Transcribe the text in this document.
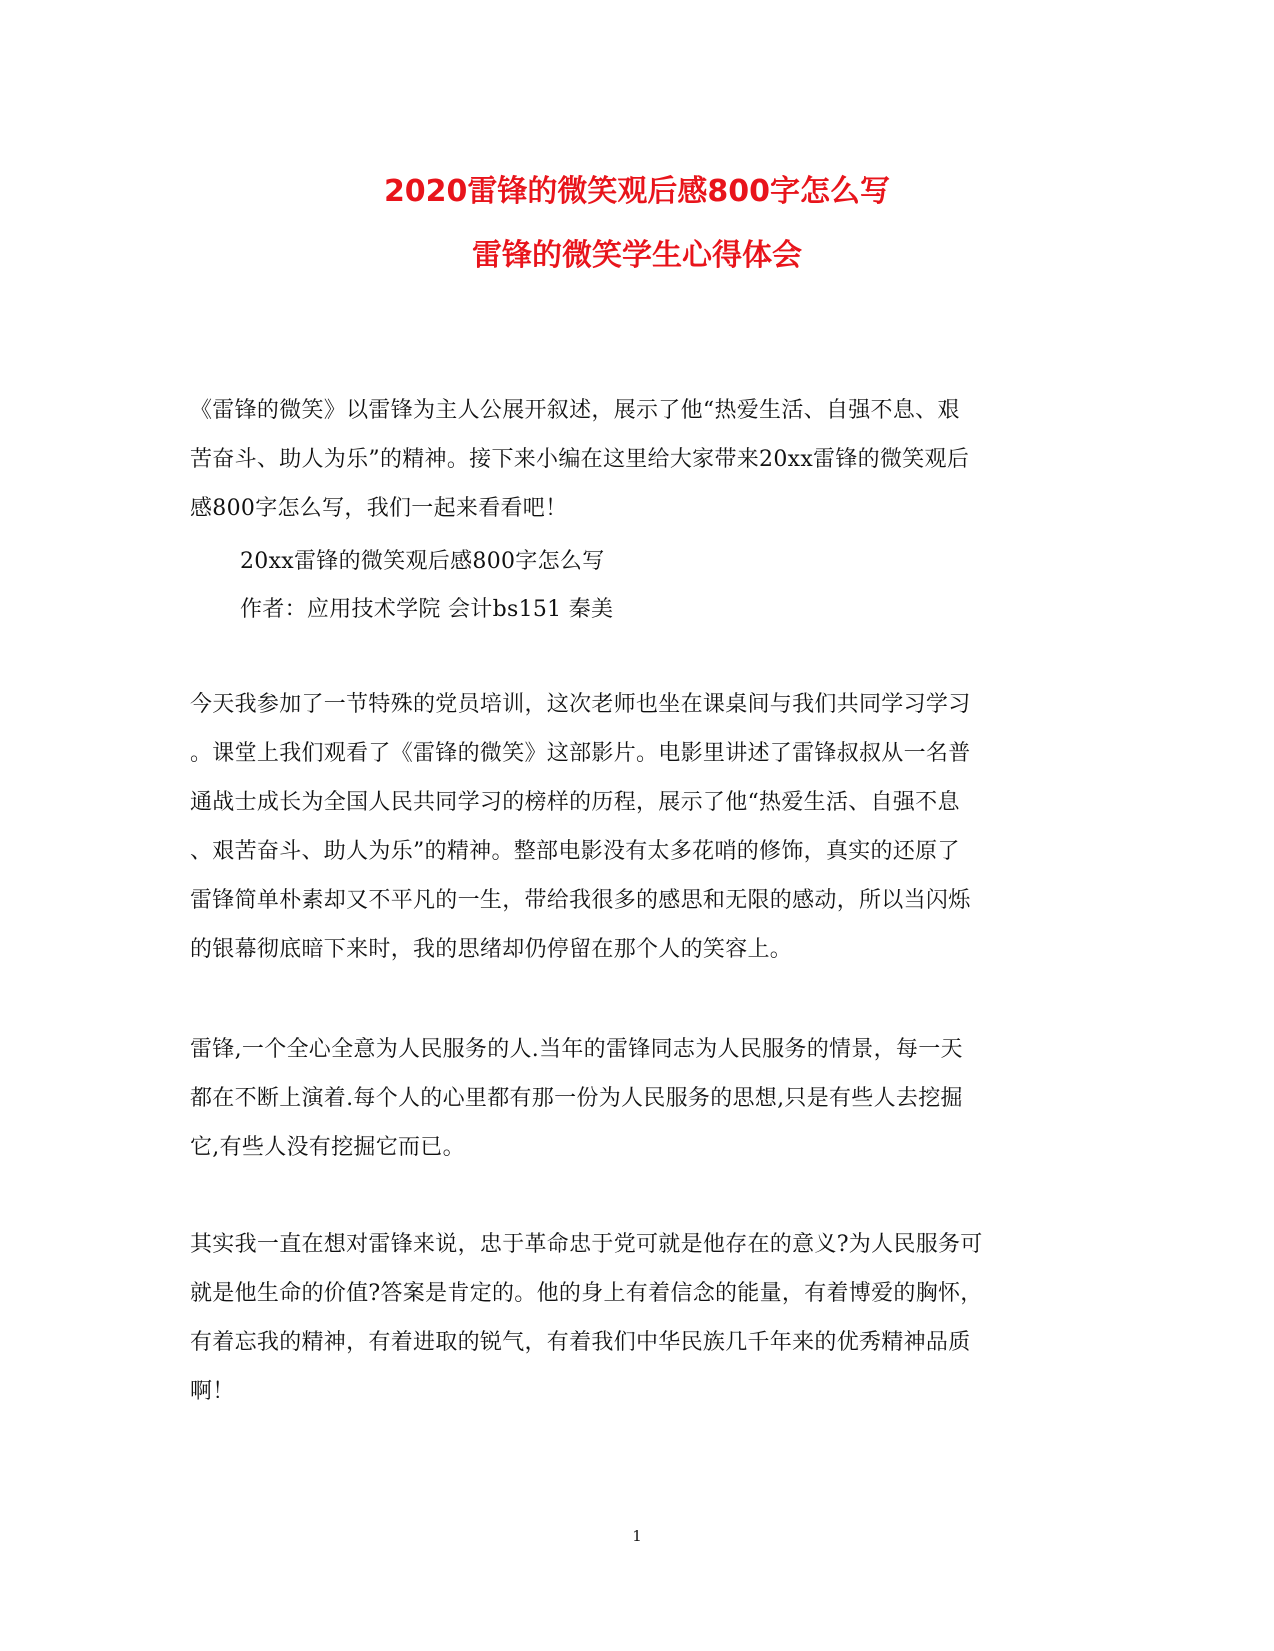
2020雷锋的微笑观后感800字怎么写
雷锋的微笑学生心得体会
《雷锋的微笑》以雷锋为主人公展开叙述，展示了他“热爱生活、自强不息、艰
苦奋斗、助人为乐”的精神。接下来小编在这里给大家带来20xx雷锋的微笑观后
感800字怎么写，我们一起来看看吧！
20xx雷锋的微笑观后感800字怎么写
作者：应用技术学院 会计bs151 秦美
今天我参加了一节特殊的党员培训，这次老师也坐在课桌间与我们共同学习学习
。课堂上我们观看了《雷锋的微笑》这部影片。电影里讲述了雷锋叔叔从一名普
通战士成长为全国人民共同学习的榜样的历程，展示了他“热爱生活、自强不息
、艰苦奋斗、助人为乐”的精神。整部电影没有太多花哨的修饰，真实的还原了
雷锋简单朴素却又不平凡的一生，带给我很多的感思和无限的感动，所以当闪烁
的银幕彻底暗下来时，我的思绪却仍停留在那个人的笑容上。
雷锋,一个全心全意为人民服务的人.当年的雷锋同志为人民服务的情景，每一天
都在不断上演着.每个人的心里都有那一份为人民服务的思想,只是有些人去挖掘
它,有些人没有挖掘它而已。
其实我一直在想对雷锋来说，忠于革命忠于党可就是他存在的意义?为人民服务可
就是他生命的价值?答案是肯定的。他的身上有着信念的能量，有着博爱的胸怀，
有着忘我的精神，有着进取的锐气，有着我们中华民族几千年来的优秀精神品质
啊！
1
